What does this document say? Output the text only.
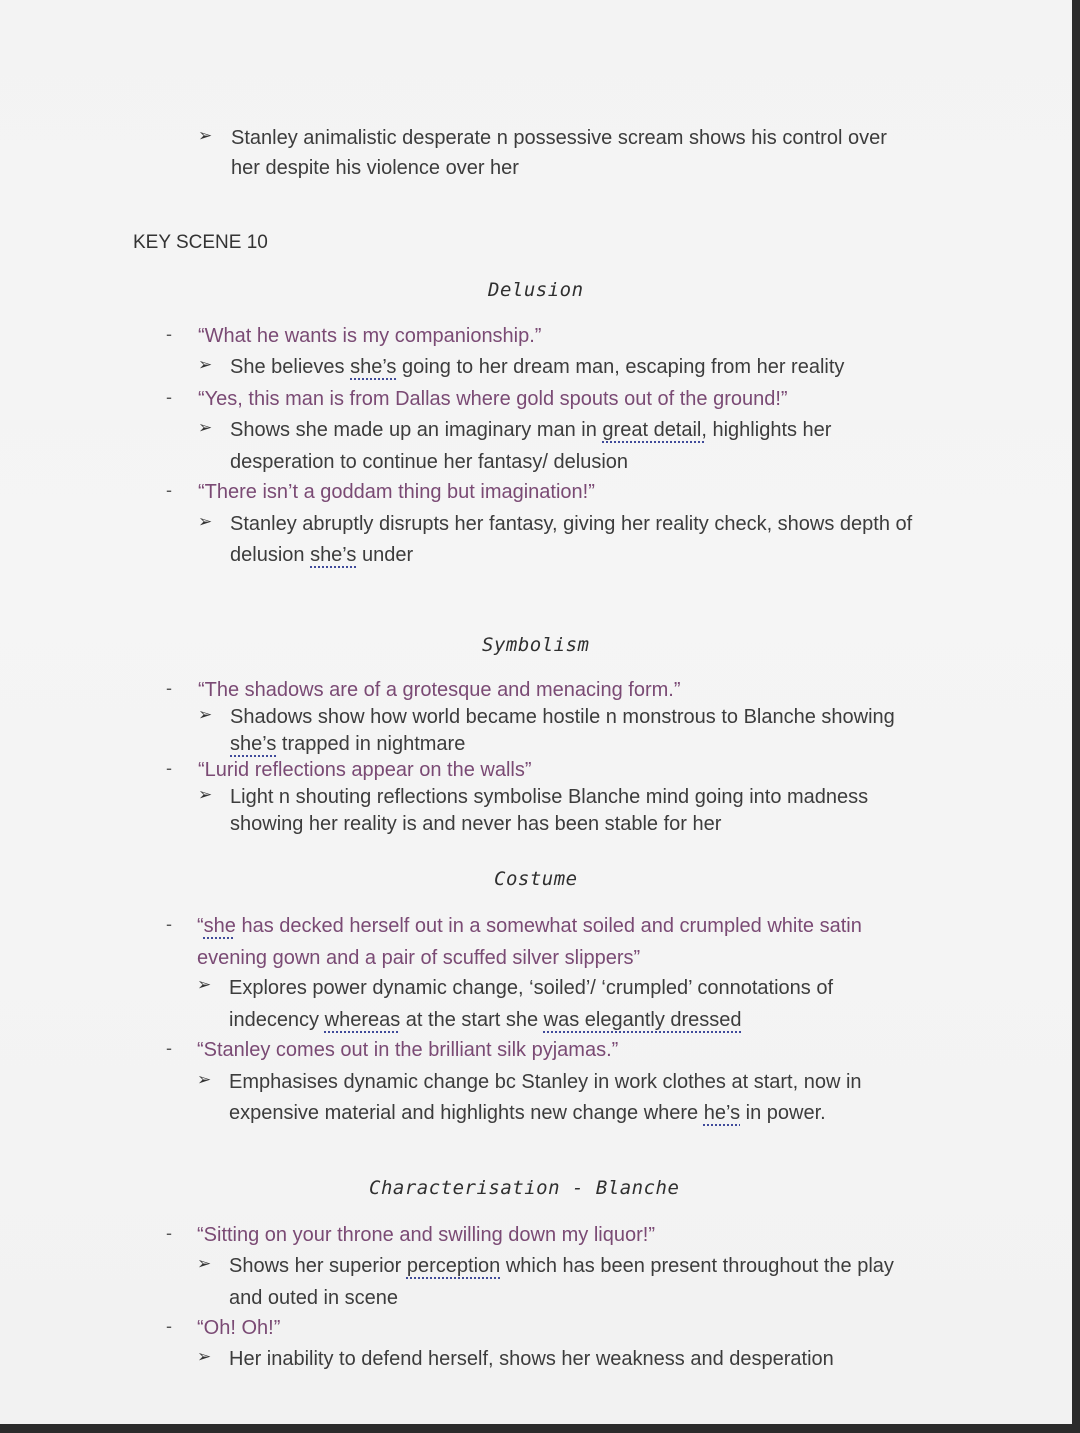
➢ Stanley animalistic desperate n possessive scream shows his control over
her despite his violence over her
KEY SCENE 10
Delusion
- “What he wants is my companionship.”
➢ She believes she’s going to her dream man, escaping from her reality
- “Yes, this man is from Dallas where gold spouts out of the ground!”
➢ Shows she made up an imaginary man in great detail, highlights her
desperation to continue her fantasy/ delusion
- “There isn’t a goddam thing but imagination!”
➢ Stanley abruptly disrupts her fantasy, giving her reality check, shows depth of
delusion she’s under
Symbolism
- “The shadows are of a grotesque and menacing form.”
➢ Shadows show how world became hostile n monstrous to Blanche showing
she’s trapped in nightmare
- “Lurid reflections appear on the walls”
➢ Light n shouting reflections symbolise Blanche mind going into madness
showing her reality is and never has been stable for her
Costume
- “she has decked herself out in a somewhat soiled and crumpled white satin
evening gown and a pair of scuffed silver slippers”
➢ Explores power dynamic change, ‘soiled’/ ‘crumpled’ connotations of
indecency whereas at the start she was elegantly dressed
- “Stanley comes out in the brilliant silk pyjamas.”
➢ Emphasises dynamic change bc Stanley in work clothes at start, now in
expensive material and highlights new change where he’s in power.
Characterisation - Blanche
- “Sitting on your throne and swilling down my liquor!”
➢ Shows her superior perception which has been present throughout the play
and outed in scene
- “Oh! Oh!”
➢ Her inability to defend herself, shows her weakness and desperation
